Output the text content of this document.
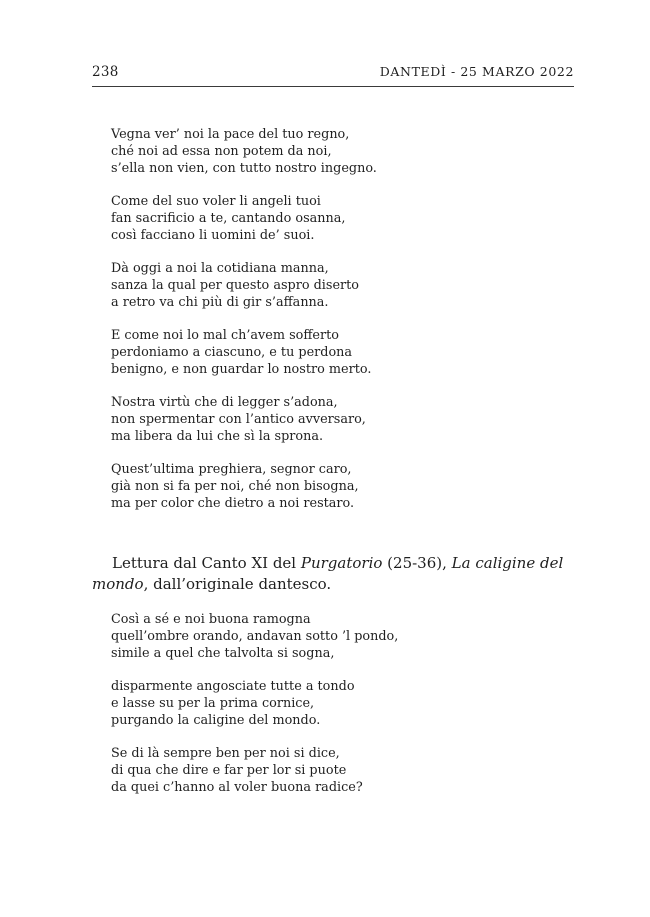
238	DANTEDÌ - 25 MARZO 2022
Vegna ver’ noi la pace del tuo regno,
ché noi ad essa non potem da noi,
s’ella non vien, con tutto nostro ingegno.
Come del suo voler li angeli tuoi
fan sacrificio a te, cantando osanna,
così facciano li uomini de’ suoi.
Dà oggi a noi la cotidiana manna,
sanza la qual per questo aspro diserto
a retro va chi più di gir s’affanna.
E come noi lo mal ch’avem sofferto
perdoniamo a ciascuno, e tu perdona
benigno, e non guardar lo nostro merto.
Nostra virtù che di legger s’adona,
non spermentar con l’antico avversaro,
ma libera da lui che sì la sprona.
Quest’ultima preghiera, segnor caro,
già non si fa per noi, ché non bisogna,
ma per color che dietro a noi restaro.

Lettura dal Canto XI del Purgatorio (25-36), La caligine del mondo, dall’originale dantesco.

Così a sé e noi buona ramogna
quell’ombre orando, andavan sotto ’l pondo,
simile a quel che talvolta si sogna,
disparmente angosciate tutte a tondo
e lasse su per la prima cornice,
purgando la caligine del mondo.
Se di là sempre ben per noi si dice,
di qua che dire e far per lor si puote
da quei c’hanno al voler buona radice?
